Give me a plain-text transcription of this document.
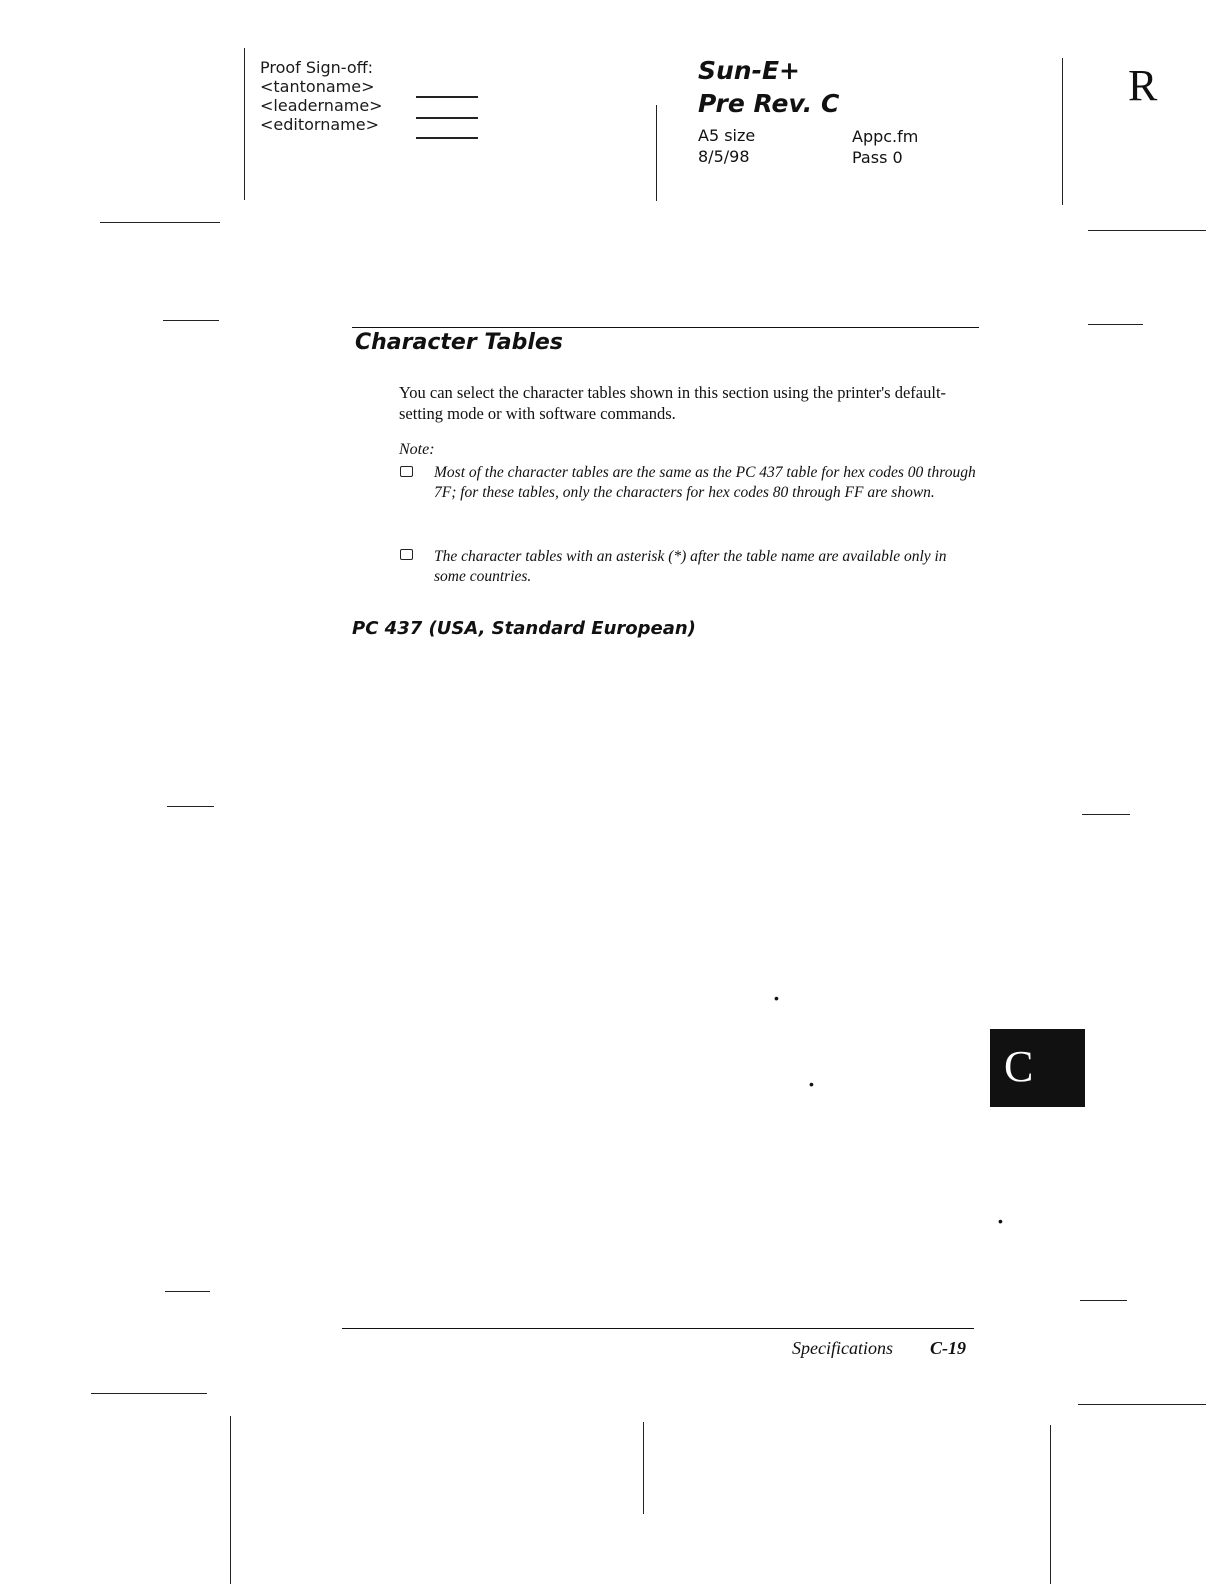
Proof Sign-off:
<tantoname>
<leadername>
<editorname>
Sun-E+
Pre Rev. C
A5 size	Appc.fm
8/5/98	Pass 0
R
Character Tables
You can select the character tables shown in this section using the printer's default-setting mode or with software commands.
Note:
Most of the character tables are the same as the PC 437 table for hex codes 00 through 7F; for these tables, only the characters for hex codes 80 through FF are shown.
The character tables with an asterisk (*) after the table name are available only in some countries.
PC 437 (USA, Standard European)
•
•
•
C
Specifications C-19
